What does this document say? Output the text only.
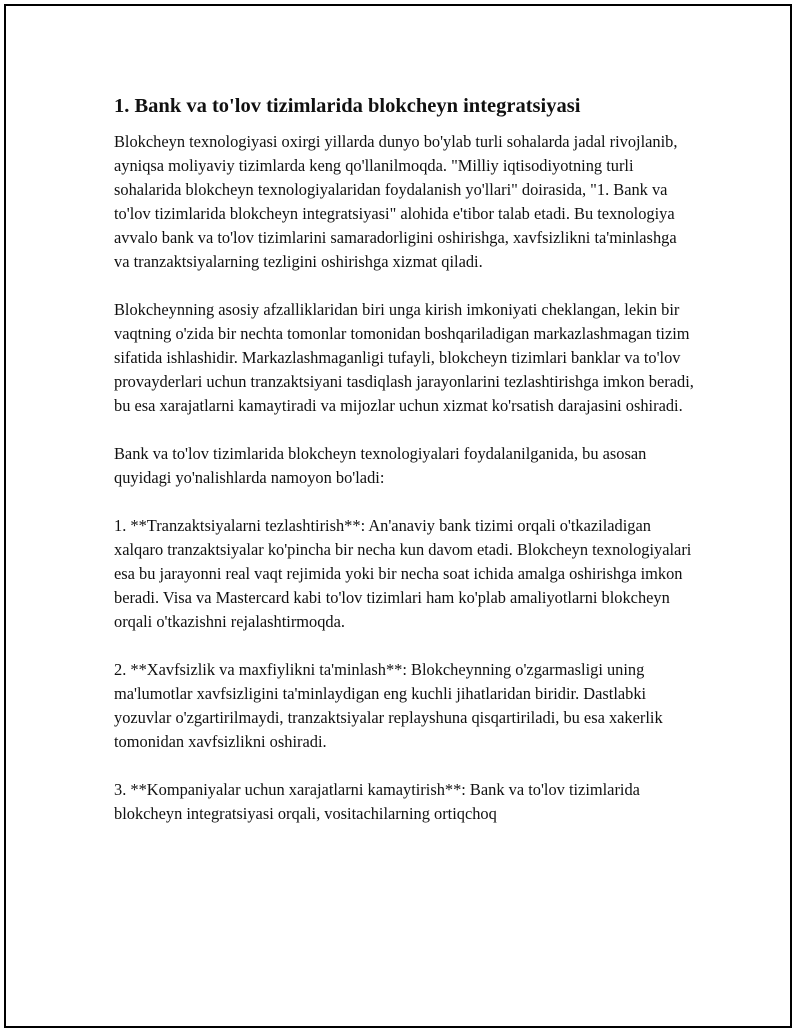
1. Bank va to'lov tizimlarida blokcheyn integratsiyasi

Blokcheyn texnologiyasi oxirgi yillarda dunyo bo'ylab turli sohalarda jadal rivojlanib, ayniqsa moliyaviy tizimlarda keng qo'llanilmoqda. "Milliy iqtisodiyotning turli sohalarida blokcheyn texnologiyalaridan foydalanish yo'llari" doirasida, "1. Bank va to'lov tizimlarida blokcheyn integratsiyasi" alohida e'tibor talab etadi. Bu texnologiya avvalo bank va to'lov tizimlarini samaradorligini oshirishga, xavfsizlikni ta'minlashga va tranzaktsiyalarning tezligini oshirishga xizmat qiladi.

Blokcheynning asosiy afzalliklaridan biri unga kirish imkoniyati cheklangan, lekin bir vaqtning o'zida bir nechta tomonlar tomonidan boshqariladigan markazlashmagan tizim sifatida ishlashidir. Markazlashmaganligi tufayli, blokcheyn tizimlari banklar va to'lov provayderlari uchun tranzaktsiyani tasdiqlash jarayonlarini tezlashtirishga imkon beradi, bu esa xarajatlarni kamaytiradi va mijozlar uchun xizmat ko'rsatish darajasini oshiradi.

Bank va to'lov tizimlarida blokcheyn texnologiyalari foydalanilganida, bu asosan quyidagi yo'nalishlarda namoyon bo'ladi:

1. **Tranzaktsiyalarni tezlashtirish**: An'anaviy bank tizimi orqali o'tkaziladigan xalqaro tranzaktsiyalar ko'pincha bir necha kun davom etadi. Blokcheyn texnologiyalari esa bu jarayonni real vaqt rejimida yoki bir necha soat ichida amalga oshirishga imkon beradi. Visa va Mastercard kabi to'lov tizimlari ham ko'plab amaliyotlarni blokcheyn orqali o'tkazishni rejalashtirmoqda.

2. **Xavfsizlik va maxfiylikni ta'minlash**: Blokcheynning o'zgarmasligi uning ma'lumotlar xavfsizligini ta'minlaydigan eng kuchli jihatlaridan biridir. Dastlabki yozuvlar o'zgartirilmaydi, tranzaktsiyalar replayshuna qisqartiriladi, bu esa xakerlik tomonidan xavfsizlikni oshiradi.

3. **Kompaniyalar uchun xarajatlarni kamaytirish**: Bank va to'lov tizimlarida blokcheyn integratsiyasi orqali, vositachilarning ortiqchoq
